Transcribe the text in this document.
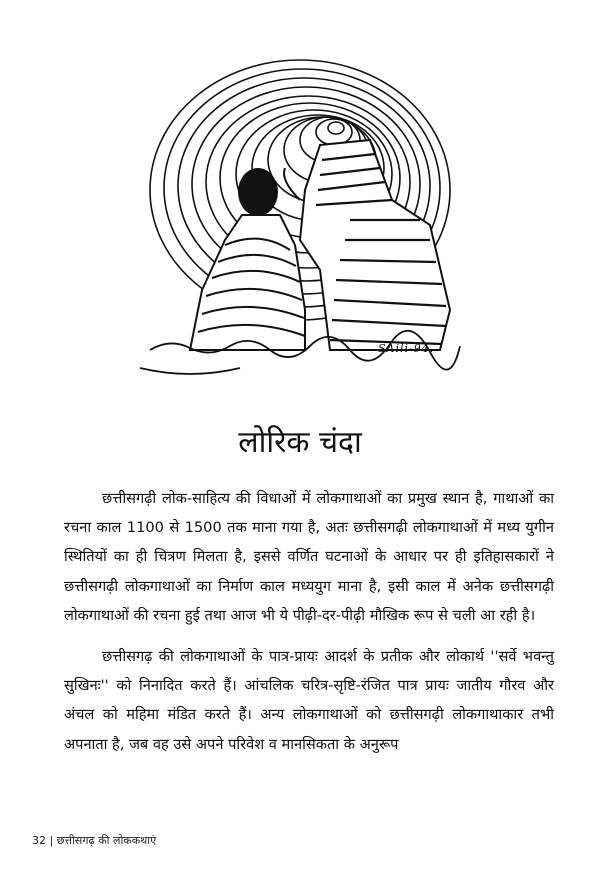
SAili-94.
लोरिक चंदा

छत्तीसगढ़ी लोक-साहित्य की विधाओं में लोकगाथाओं का प्रमुख स्थान है, गाथाओं का रचना काल 1100 से 1500 तक माना गया है, अतः छत्तीसगढ़ी लोकगाथाओं में मध्य युगीन स्थितियों का ही चित्रण मिलता है, इससे वर्णित घटनाओं के आधार पर ही इतिहासकारों ने छत्तीसगढ़ी लोकगाथाओं का निर्माण काल मध्ययुग माना है, इसी काल में अनेक छत्तीसगढ़ी लोकगाथाओं की रचना हुई तथा आज भी ये पीढ़ी-दर-पीढ़ी मौखिक रूप से चली आ रही है।

छत्तीसगढ़ की लोकगाथाओं के पात्र-प्रायः आदर्श के प्रतीक और लोकार्थ ''सर्वे भवन्तु सुखिनः'' को निनादित करते हैं। आंचलिक चरित्र-सृष्टि-रंजित पात्र प्रायः जातीय गौरव और अंचल को महिमा मंडित करते हैं। अन्य लोकगाथाओं को छत्तीसगढ़ी लोकगाथाकार तभी अपनाता है, जब वह उसे अपने परिवेश व मानसिकता के अनुरूप

32 | छत्तीसगढ़ की लोककथाएं
